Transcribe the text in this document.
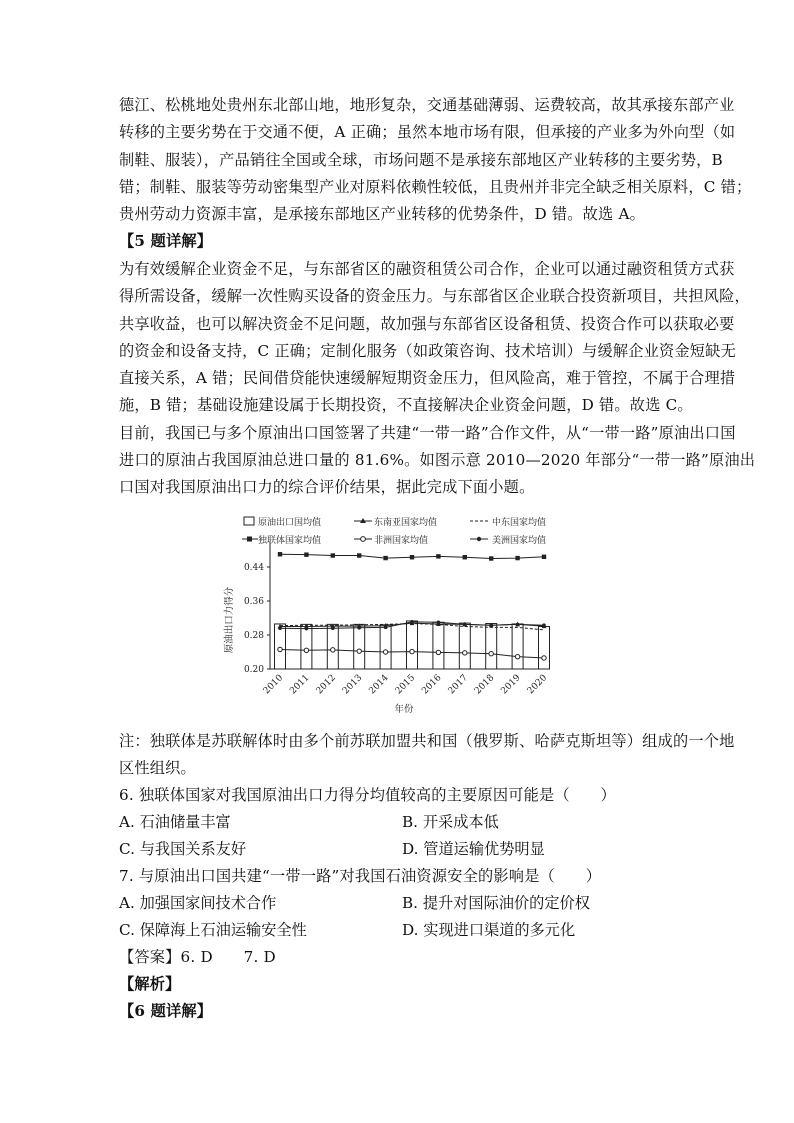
德江、松桃地处贵州东北部山地，地形复杂，交通基础薄弱、运费较高，故其承接东部产业
转移的主要劣势在于交通不便，A 正确；虽然本地市场有限，但承接的产业多为外向型（如
制鞋、服装），产品销往全国或全球，市场问题不是承接东部地区产业转移的主要劣势，B
错；制鞋、服装等劳动密集型产业对原料依赖性较低，且贵州并非完全缺乏相关原料，C 错；
贵州劳动力资源丰富，是承接东部地区产业转移的优势条件，D 错。故选 A。
【5 题详解】
为有效缓解企业资金不足，与东部省区的融资租赁公司合作，企业可以通过融资租赁方式获
得所需设备，缓解一次性购买设备的资金压力。与东部省区企业联合投资新项目，共担风险，
共享收益，也可以解决资金不足问题，故加强与东部省区设备租赁、投资合作可以获取必要
的资金和设备支持，C 正确；定制化服务（如政策咨询、技术培训）与缓解企业资金短缺无
直接关系，A 错；民间借贷能快速缓解短期资金压力，但风险高，难于管控，不属于合理措
施，B 错；基础设施建设属于长期投资，不直接解决企业资金问题，D 错。故选 C。
目前，我国已与多个原油出口国签署了共建“一带一路”合作文件，从“一带一路”原油出口国
进口的原油占我国原油总进口量的 81.6%。如图示意 2010—2020 年部分“一带一路”原油出
口国对我国原油出口力的综合评价结果，据此完成下面小题。
原油出口国均值	东南亚国家均值	中东国家均值
独联体国家均值	非洲国家均值	美洲国家均值
原油出口力得分
年份
0.20
0.28
0.36
0.44
2010 2011 2012 2013 2014 2015 2016 2017 2018 2019 2020
注：独联体是苏联解体时由多个前苏联加盟共和国（俄罗斯、哈萨克斯坦等）组成的一个地
区性组织。
6. 独联体国家对我国原油出口力得分均值较高的主要原因可能是（　　）
A. 石油储量丰富	B. 开采成本低
C. 与我国关系友好	D. 管道运输优势明显
7. 与原油出口国共建“一带一路”对我国石油资源安全的影响是（　　）
A. 加强国家间技术合作	B. 提升对国际油价的定价权
C. 保障海上石油运输安全性	D. 实现进口渠道的多元化
【答案】6. D　　7. D
【解析】
【6 题详解】
